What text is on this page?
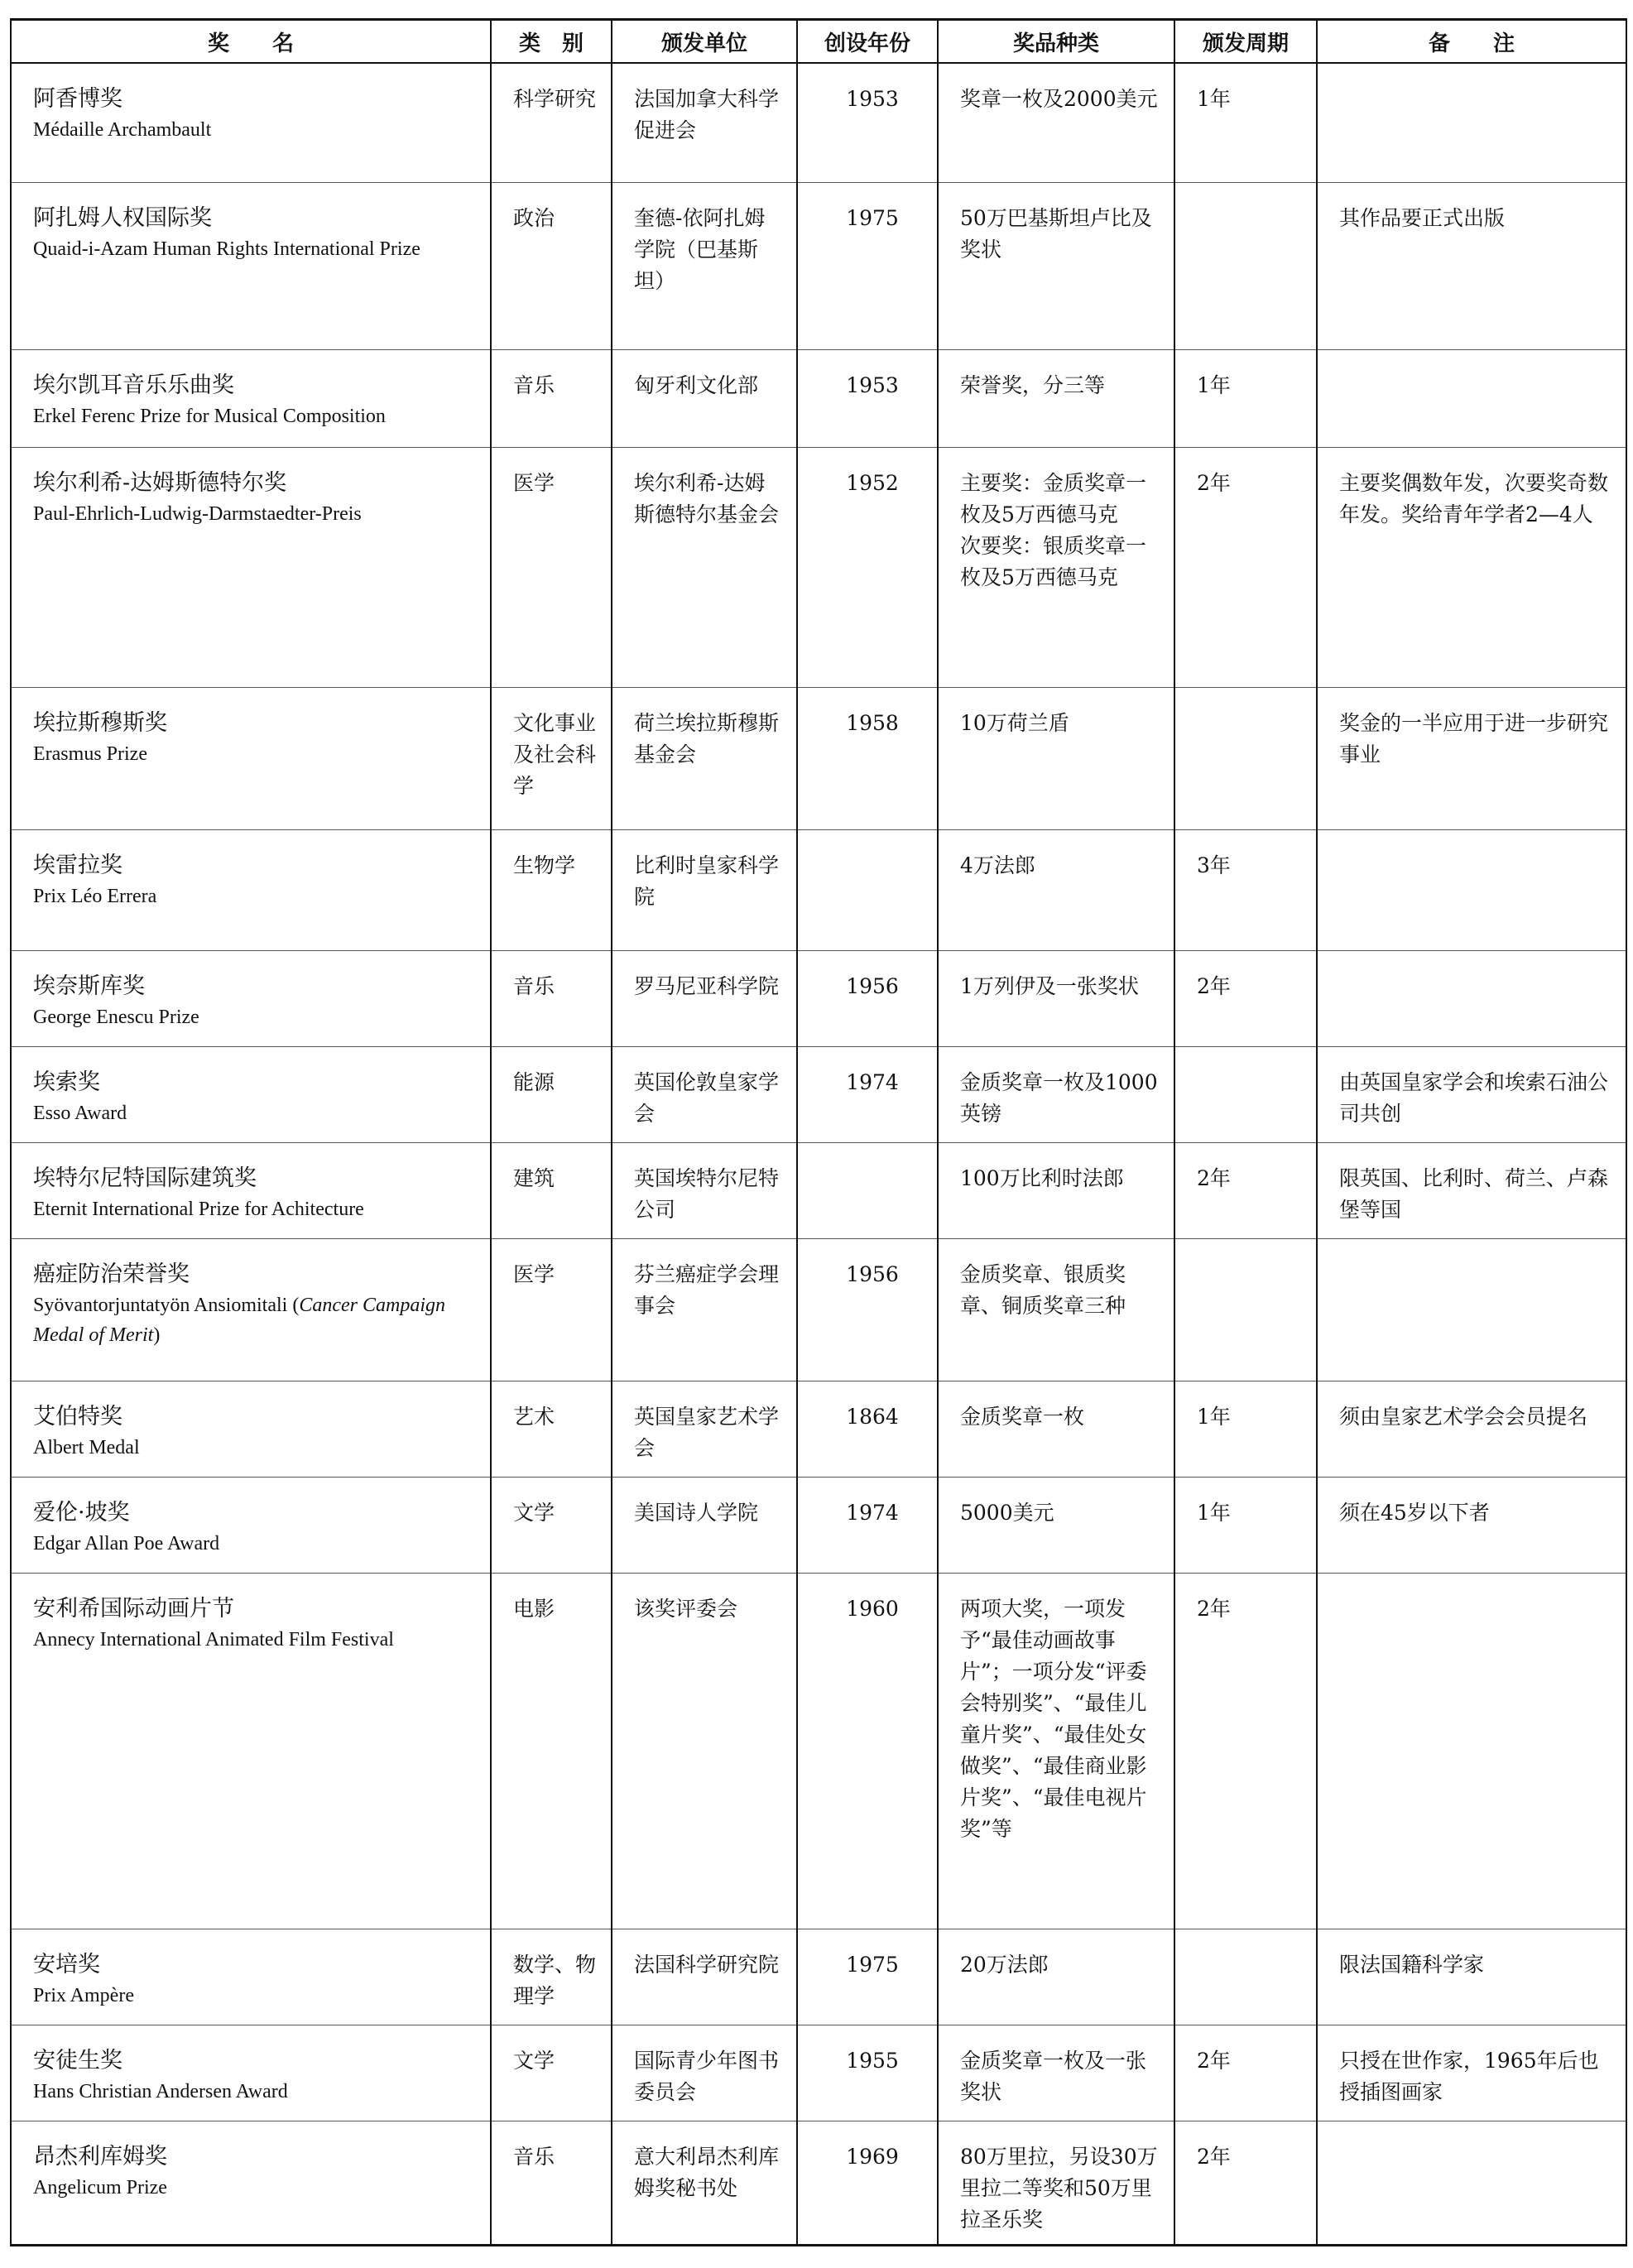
奖　　名	类　别	颁发单位	创设年份	奖品种类	颁发周期	备　　注

阿香博奖
Médaille Archambault	科学研究	法国加拿大科学促进会	1953	奖章一枚及2000美元	1年	

阿扎姆人权国际奖
Quaid-i-Azam Human Rights International Prize	政治	奎德-依阿扎姆学院（巴基斯坦）	1975	50万巴基斯坦卢比及奖状		其作品要正式出版

埃尔凯耳音乐乐曲奖
Erkel Ferenc Prize for Musical Composition	音乐	匈牙利文化部	1953	荣誉奖，分三等	1年	

埃尔利希-达姆斯德特尔奖
Paul-Ehrlich-Ludwig-Darmstaedter-Preis	医学	埃尔利希-达姆斯德特尔基金会	1952	主要奖：金质奖章一枚及5万西德马克
次要奖：银质奖章一枚及5万西德马克	2年	主要奖偶数年发，次要奖奇数年发。奖给青年学者2—4人

埃拉斯穆斯奖
Erasmus Prize	文化事业及社会科学	荷兰埃拉斯穆斯基金会	1958	10万荷兰盾		奖金的一半应用于进一步研究事业

埃雷拉奖
Prix Léo Errera	生物学	比利时皇家科学院		4万法郎	3年	

埃奈斯库奖
George Enescu Prize	音乐	罗马尼亚科学院	1956	1万列伊及一张奖状	2年	

埃索奖
Esso Award	能源	英国伦敦皇家学会	1974	金质奖章一枚及1000英镑		由英国皇家学会和埃索石油公司共创

埃特尔尼特国际建筑奖
Eternit International Prize for Achitecture	建筑	英国埃特尔尼特公司		100万比利时法郎	2年	限英国、比利时、荷兰、卢森堡等国

癌症防治荣誉奖
Syövantorjuntatyön Ansiomitali (Cancer Campaign Medal of Merit)	医学	芬兰癌症学会理事会	1956	金质奖章、银质奖章、铜质奖章三种		

艾伯特奖
Albert Medal	艺术	英国皇家艺术学会	1864	金质奖章一枚	1年	须由皇家艺术学会会员提名

爱伦·坡奖
Edgar Allan Poe Award	文学	美国诗人学院	1974	5000美元	1年	须在45岁以下者

安利希国际动画片节
Annecy International Animated Film Festival	电影	该奖评委会	1960	两项大奖，一项发予“最佳动画故事片”；一项分发“评委会特别奖”、“最佳儿童片奖”、“最佳处女做奖”、“最佳商业影片奖”、“最佳电视片奖”等	2年	

安培奖
Prix Ampère	数学、物理学	法国科学研究院	1975	20万法郎		限法国籍科学家

安徒生奖
Hans Christian Andersen Award	文学	国际青少年图书委员会	1955	金质奖章一枚及一张奖状	2年	只授在世作家，1965年后也授插图画家

昂杰利库姆奖
Angelicum Prize	音乐	意大利昂杰利库姆奖秘书处	1969	80万里拉，另设30万里拉二等奖和50万里拉圣乐奖	2年	
